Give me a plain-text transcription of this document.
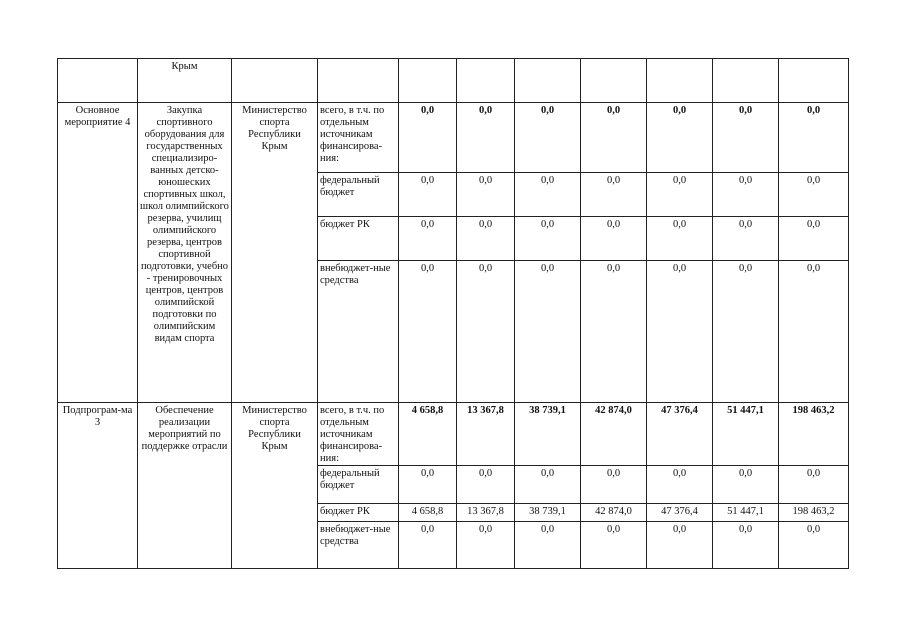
	Крым									
Основное мероприятие 4	Закупка спортивного оборудования для государственных специализиро-ванных детско-юношеских спортивных школ, школ олимпийского резерва, училищ олимпийского резерва, центров спортивной подготовки, учебно - тренировочных центров, центров олимпийской подготовки по олимпийским видам спорта	Министерство спорта Республики Крым	всего, в т.ч. по отдельным источникам финансирова-ния:	0,0	0,0	0,0	0,0	0,0	0,0	0,0
			федеральный бюджет	0,0	0,0	0,0	0,0	0,0	0,0	0,0
			бюджет РК	0,0	0,0	0,0	0,0	0,0	0,0	0,0
			внебюджет-ные средства	0,0	0,0	0,0	0,0	0,0	0,0	0,0
Подпрограм-ма 3	Обеспечение реализации мероприятий по поддержке отрасли	Министерство спорта Республики Крым	всего, в т.ч. по отдельным источникам финансирова-ния:	4 658,8	13 367,8	38 739,1	42 874,0	47 376,4	51 447,1	198 463,2
			федеральный бюджет	0,0	0,0	0,0	0,0	0,0	0,0	0,0
			бюджет РК	4 658,8	13 367,8	38 739,1	42 874,0	47 376,4	51 447,1	198 463,2
			внебюджет-ные средства	0,0	0,0	0,0	0,0	0,0	0,0	0,0
